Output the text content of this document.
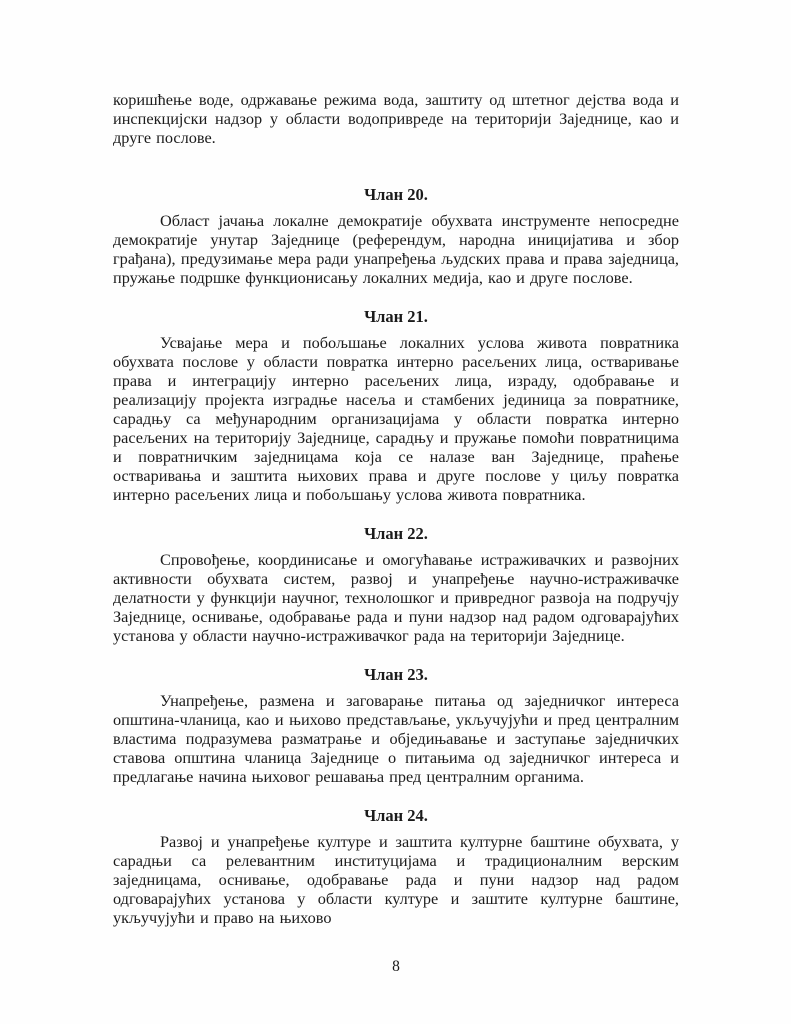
коришћење воде, одржавање режима вода, заштиту од штетног дејства вода и инспекцијски надзор у области водопривреде на територији Заједнице, као и друге послове.

Члан 20.

Област јачања локалне демократије обухвата инструменте непосредне демократије унутар Заједнице (референдум, народна иницијатива и збор грађана), предузимање мера ради унапређења људских права и права заједница, пружање подршке функционисању локалних медија, као и друге послове.

Члан 21.

Усвајање мера и побољшање локалних услова живота повратника обухвата послове у области повратка интерно расељених лица, остваривање права и интеграцију интерно расељених лица, израду, одобравање и реализацију пројекта изградње насеља и стамбених јединица за повратнике, сарадњу са међународним организацијама у области повратка интерно расељених на територију Заједнице, сарадњу и пружање помоћи повратницима и повратничким заједницама која се налазе ван Заједнице, праћење остваривања и заштита њихових права и друге послове у циљу повратка интерно расељених лица и побољшању услова живота повратника.

Члан 22.

Спровођење, координисање и омогућавање истраживачких и развојних активности обухвата систем, развој и унапређење научно-истраживачке делатности у функцији научног, технолошког и привредног развоја на подручју Заједнице, оснивање, одобравање рада и пуни надзор над радом одговарајућих установа у области научно-истраживачког рада на територији Заједнице.

Члан 23.

Унапређење, размена и заговарање питања од заједничког интереса општина-чланица, као и њихово представљање, укључујући и пред централним властима подразумева разматрање и обједињавање и заступање заједничких ставова општина чланица Заједнице о питањима од заједничког интереса и предлагање начина њиховог решавања пред централним органима.

Члан 24.

Развој и унапређење културе и заштита културне баштине обухвата, у сарадњи са релевантним институцијама и традиционалним верским заједницама, оснивање, одобравање рада и пуни надзор над радом одговарајућих установа у области културе и заштите културне баштине, укључујући и право на њихово

8
